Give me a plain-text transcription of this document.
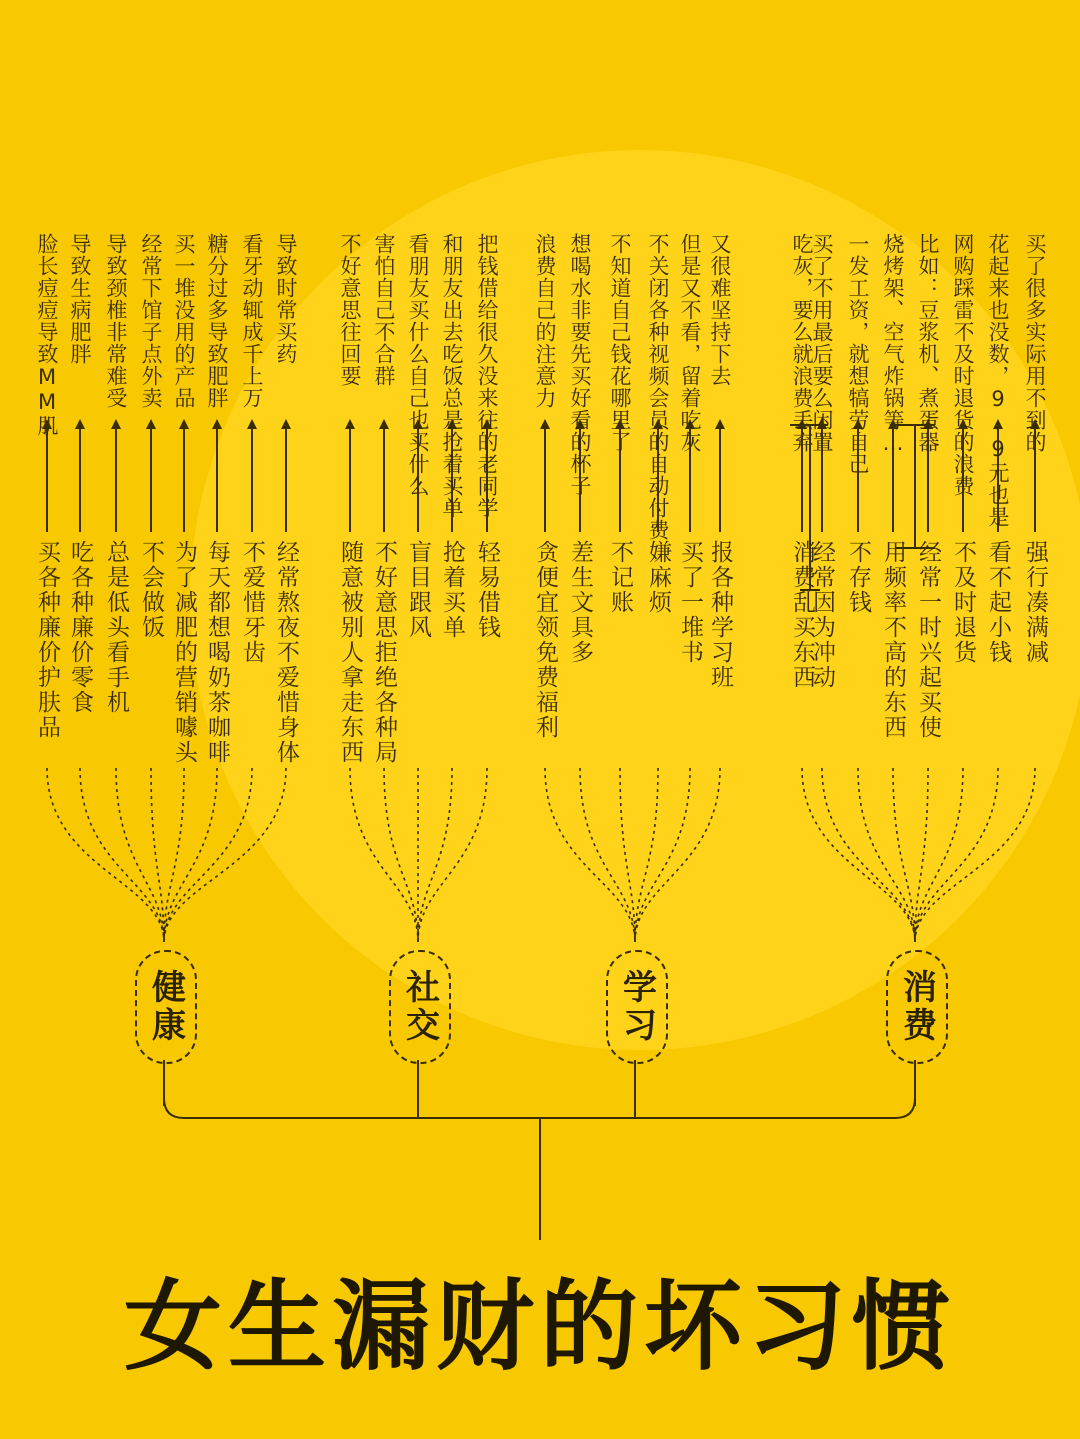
健康
脸长痘痘导致MM肌
买各种廉价护肤品
导致生病肥胖
吃各种廉价零食
导致颈椎非常难受
总是低头看手机
经常下馆子点外卖
不会做饭
买一堆没用的产品
为了减肥的营销噱头
糖分过多导致肥胖
每天都想喝奶茶咖啡
看牙动辄成千上万
不爱惜牙齿
导致时常买药
经常熬夜不爱惜身体
社交
不好意思往回要
随意被别人拿走东西
害怕自己不合群
不好意思拒绝各种局
看朋友买什么自己也买什么
盲目跟风
和朋友出去吃饭总是抢着买单
抢着买单
把钱借给很久没来往的老同学
轻易借钱
学习
浪费自己的注意力
贪便宜领免费福利
想喝水非要先买好看的杯子
差生文具多
不知道自己钱花哪里了
不记账
不关闭各种视频会员的自动付费
嫌麻烦
但是又不看，留着吃灰
买了一堆书
又很难坚持下去
报各种学习班
消费
吃灰，要么就浪费丢弃
消费乱买东西
买了不用最后要么闲置
经常因为冲动
一发工资，就想犒劳自己
不存钱
烧烤架、空气炸锅等…
用频率不高的东西
比如：豆浆机、煮蛋器
经常一时兴起买使
网购踩雷不及时退货的浪费
不及时退货
花起来也没数，9.9元也是
看不起小钱
买了很多实际用不到的
强行凑满减
女生漏财的坏习惯
